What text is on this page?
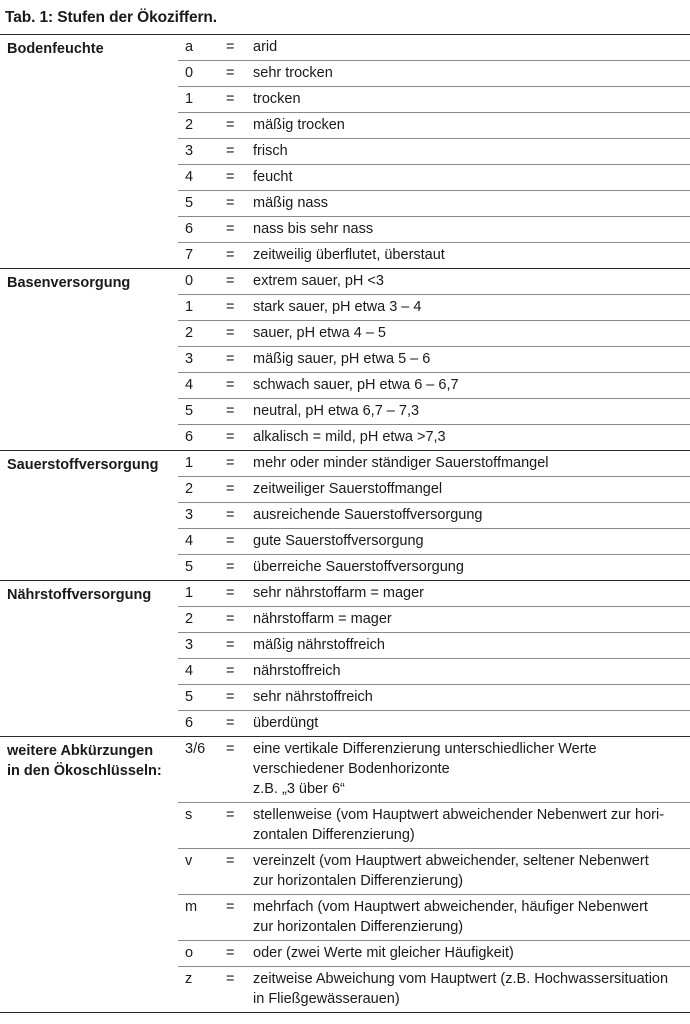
Tab. 1: Stufen der Ökoziffern.
Bodenfeuchte	a	=	arid
0	=	sehr trocken
1	=	trocken
2	=	mäßig trocken
3	=	frisch
4	=	feucht
5	=	mäßig nass
6	=	nass bis sehr nass
7	=	zeitweilig überflutet, überstaut
Basenversorgung	0	=	extrem sauer, pH <3
1	=	stark sauer, pH etwa 3 – 4
2	=	sauer, pH etwa 4 – 5
3	=	mäßig sauer, pH etwa 5 – 6
4	=	schwach sauer, pH etwa 6 – 6,7
5	=	neutral, pH etwa 6,7 – 7,3
6	=	alkalisch = mild, pH etwa >7,3
Sauerstoffversorgung	1	=	mehr oder minder ständiger Sauerstoffmangel
2	=	zeitweiliger Sauerstoffmangel
3	=	ausreichende Sauerstoffversorgung
4	=	gute Sauerstoffversorgung
5	=	überreiche Sauerstoffversorgung
Nährstoffversorgung	1	=	sehr nährstoffarm = mager
2	=	nährstoffarm = mager
3	=	mäßig nährstoffreich
4	=	nährstoffreich
5	=	sehr nährstoffreich
6	=	überdüngt
weitere Abkürzungen
in den Ökoschlüsseln:
3/6	=	eine vertikale Differenzierung unterschiedlicher Werte
verschiedener Bodenhorizonte
z.B. „3 über 6“
s	=	stellenweise (vom Hauptwert abweichender Nebenwert zur hori-
zontalen Differenzierung)
v	=	vereinzelt (vom Hauptwert abweichender, seltener Nebenwert
zur horizontalen Differenzierung)
m	=	mehrfach (vom Hauptwert abweichender, häufiger Nebenwert
zur horizontalen Differenzierung)
o	=	oder (zwei Werte mit gleicher Häufigkeit)
z	=	zeitweise Abweichung vom Hauptwert (z.B. Hochwassersituation
in Fließgewässerauen)
